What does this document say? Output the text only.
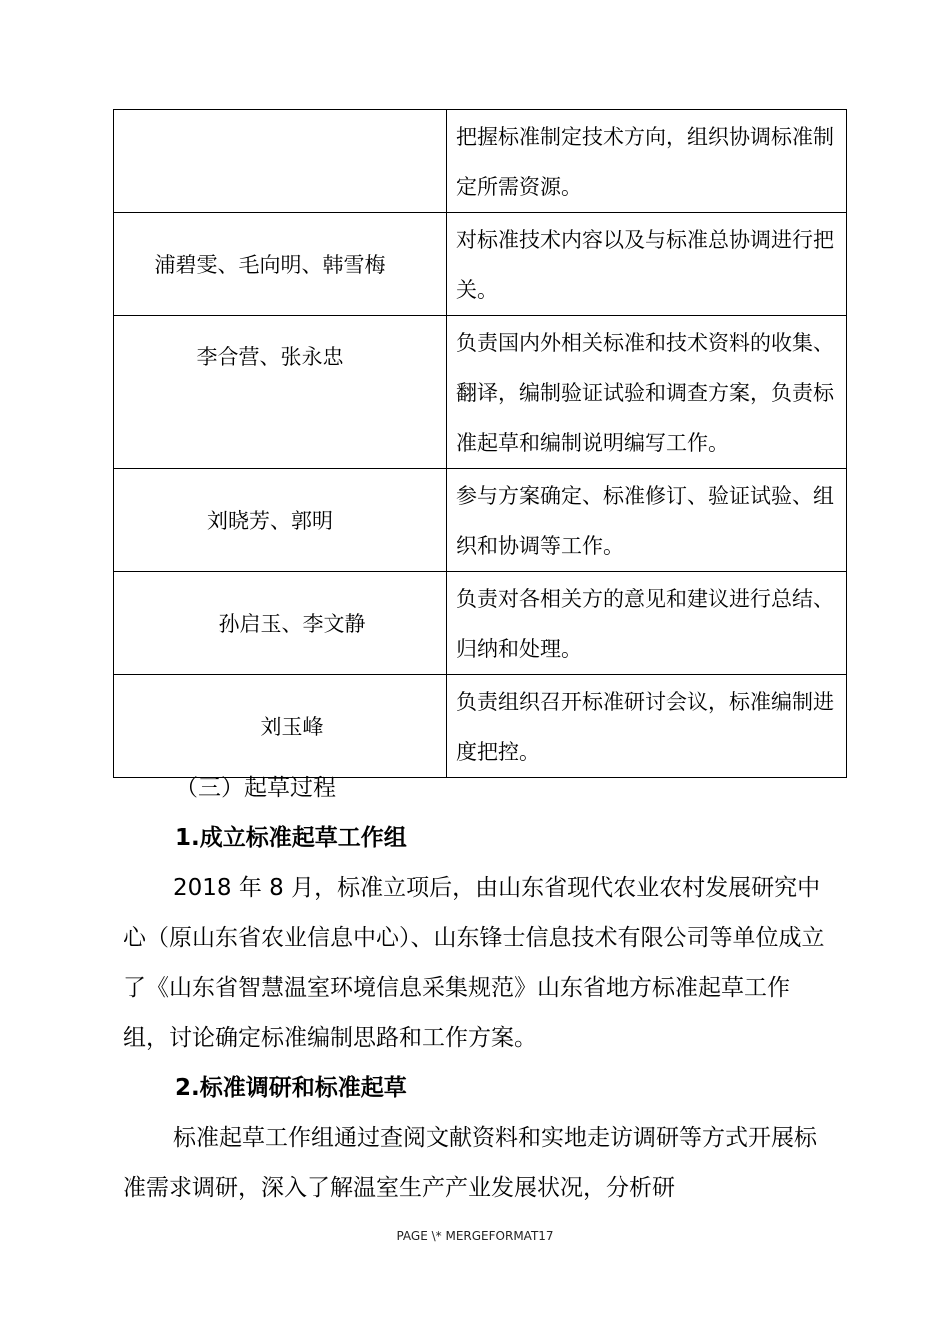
	把握标准制定技术方向，组织协调标准制定所需资源。
浦碧雯、毛向明、韩雪梅	对标准技术内容以及与标准总协调进行把关。
李合营、张永忠	负责国内外相关标准和技术资料的收集、翻译，编制验证试验和调查方案，负责标准起草和编制说明编写工作。
刘晓芳、郭明	参与方案确定、标准修订、验证试验、组织和协调等工作。
孙启玉、李文静	负责对各相关方的意见和建议进行总结、归纳和处理。
刘玉峰	负责组织召开标准研讨会议，标准编制进度把控。
（三）起草过程
1.成立标准起草工作组
2018 年 8 月，标准立项后，由山东省现代农业农村发展研究中心（原山东省农业信息中心）、山东锋士信息技术有限公司等单位成立了《山东省智慧温室环境信息采集规范》山东省地方标准起草工作组，讨论确定标准编制思路和工作方案。
2.标准调研和标准起草
标准起草工作组通过查阅文献资料和实地走访调研等方式开展标准需求调研，深入了解温室生产产业发展状况，分析研
PAGE \* MERGEFORMAT17
